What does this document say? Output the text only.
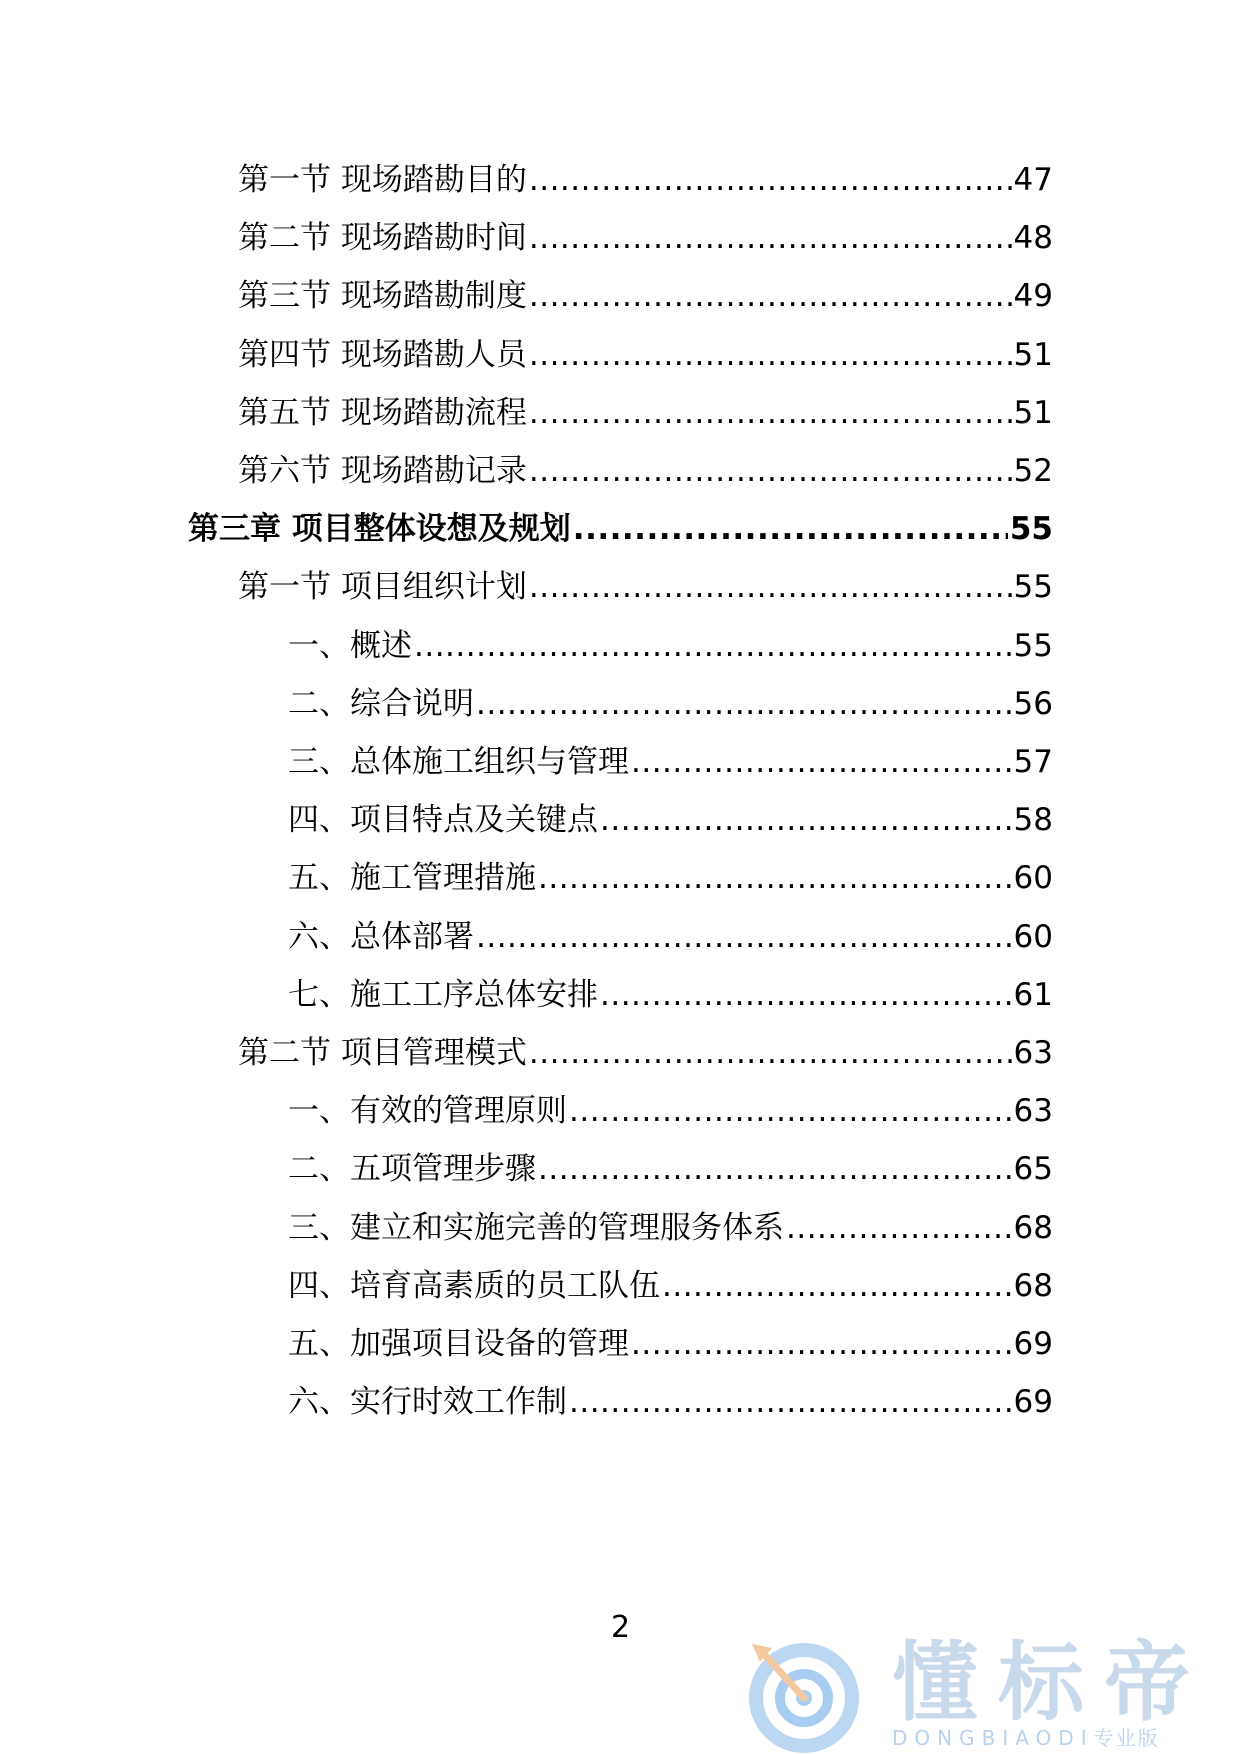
第一节 现场踏勘目的 .....	47
第二节 现场踏勘时间 .....	48
第三节 现场踏勘制度 .....	49
第四节 现场踏勘人员 .....	51
第五节 现场踏勘流程 .....	51
第六节 现场踏勘记录 .....	52
第三章 项目整体设想及规划 .....	55
第一节 项目组织计划 .....	55
一、概述 .....	55
二、综合说明 .....	56
三、总体施工组织与管理 .....	57
四、项目特点及关键点 .....	58
五、施工管理措施 .....	60
六、总体部署 .....	60
七、施工工序总体安排 .....	61
第二节 项目管理模式 .....	63
一、有效的管理原则 .....	63
二、五项管理步骤 .....	65
三、建立和实施完善的管理服务体系 .....	68
四、培育高素质的员工队伍 .....	68
五、加强项目设备的管理 .....	69
六、实行时效工作制 .....	69
2
懂标帝
DONGBIAODI专业版
